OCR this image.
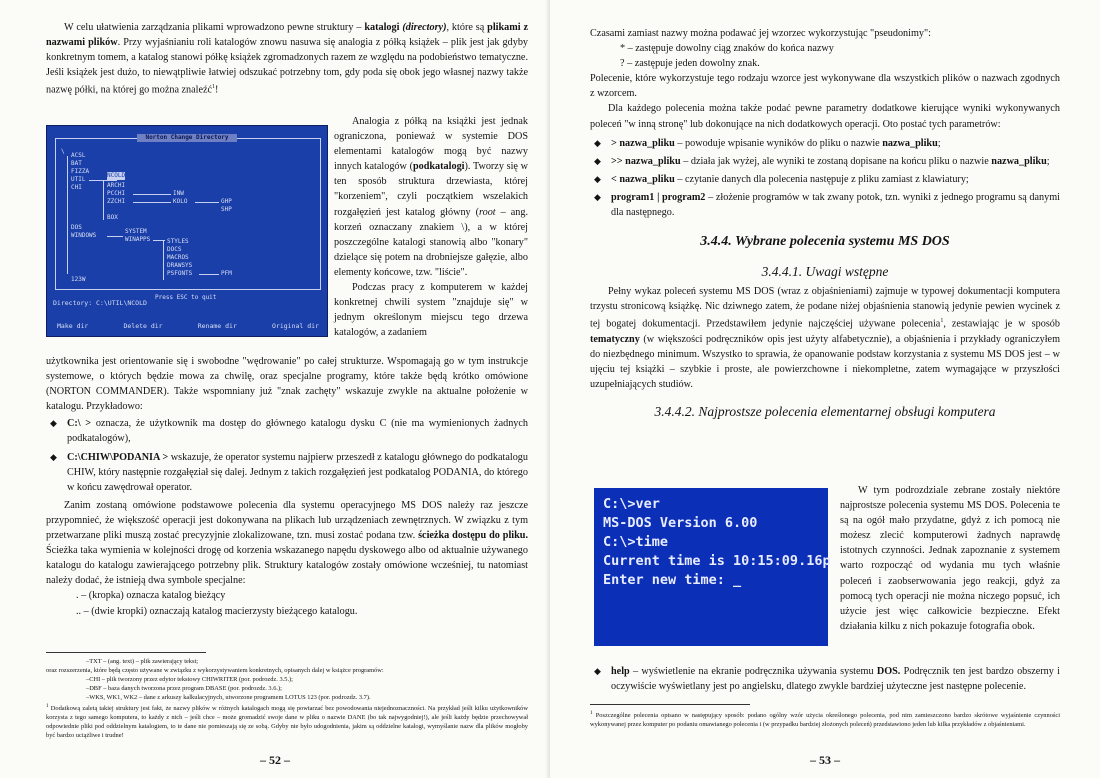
W celu ułatwienia zarządzania plikami wprowadzono pewne struktury – katalogi (directory), które są plikami z nazwami plików. Przy wyjaśnianiu roli katalogów znowu nasuwa się analogia z półką książek – plik jest jak gdyby konkretnym tomem, a katalog stanowi półkę książek zgromadzonych razem ze względu na podobieństwo tematyczne. Jeśli książek jest dużo, to niewątpliwie łatwiej odszukać potrzebny tom, gdy poda się obok jego własnej nazwy także nazwę półki, na której go można znaleźć$^1$!

Norton Change Directory
\
ACSL
BAT
FIZZA
UTIL
CHI
NCOLD
ARCHI
PCCHI
ZZCHI
BOX
INW
KOLO	GHP
SHP
DOS
WINDOWS
SYSTEM
WINAPPS	STYLES
DOCS
MACROS
DRAWSYS
PSFONTS	PFM
123W
Press ESC to quit
Directory: C:\UTIL\NCOLD
Make dir	Delete dir	Rename dir	Original dir

Analogia z półką na książki jest jednak ograniczona, ponieważ w systemie DOS elementami katalogów mogą być nazwy innych katalogów (podkatalogi). Tworzy się w ten sposób struktura drzewiasta, której "korzeniem", czyli początkiem wszelakich rozgałęzień jest katalog główny (root – ang. korzeń oznaczany znakiem \), a w której poszczególne katalogi stanowią albo "konary" dzielące się potem na drobniejsze gałęzie, albo elementy końcowe, tzw. "liście".

Podczas pracy z komputerem w każdej konkretnej chwili system "znajduje się" w jednym określonym miejscu tego drzewa katalogów, a zadaniem

użytkownika jest orientowanie się i swobodne "wędrowanie" po całej strukturze. Wspomagają go w tym instrukcje systemowe, o których będzie mowa za chwilę, oraz specjalne programy, które także będą krótko omówione (NORTON COMMANDER). Także wspomniany już "znak zachęty" wskazuje zwykle na aktualne położenie w katalogu. Przykładowo:

◆ C:\ > oznacza, że użytkownik ma dostęp do głównego katalogu dysku C (nie ma wymienionych żadnych podkatalogów),
◆ C:\CHIW\PODANIA > wskazuje, że operator systemu najpierw przeszedł z katalogu głównego do podkatalogu CHIW, który następnie rozgałęział się dalej. Jednym z takich rozgałęzień jest podkatalog PODANIA, do którego w końcu zawędrował operator.

Zanim zostaną omówione podstawowe polecenia dla systemu operacyjnego MS DOS należy raz jeszcze przypomnieć, że większość operacji jest dokonywana na plikach lub urządzeniach zewnętrznych. W związku z tym przetwarzane pliki muszą zostać precyzyjnie zlokalizowane, tzn. musi zostać podana tzw. ścieżka dostępu do pliku. Ścieżka taka wymienia w kolejności drogę od korzenia wskazanego napędu dyskowego albo od aktualnie używanego katalogu do katalogu zawierającego potrzebny plik. Struktury katalogów zostały omówione wcześniej, tu natomiast należy dodać, że istnieją dwa symbole specjalne:

. – (kropka) oznacza katalog bieżący

.. – (dwie kropki) oznaczają katalog macierzysty bieżącego katalogu.

–TXT – (ang. text) – plik zawierający tekst;

oraz rozszerzenia, które będą często używane w związku z wykorzystywaniem konkretnych, opisanych dalej w książce programów:

–CHI – plik tworzony przez edytor tekstowy CHIWRITER (por. podrozdz. 3.5.);

–DBF – baza danych tworzona przez program DBASE (por. podrozdz. 3.6.);

–WKS, WK1, WK2 – dane z arkuszy kalkulacyjnych, utworzone programem LOTUS 123 (por. podrozdz. 3.7).

$^1$ Dodatkową zaletą takiej struktury jest fakt, że nazwy plików w różnych katalogach mogą się powtarzać bez powodowania niejednoznaczności. Na przykład jeśli kilku użytkowników korzysta z tego samego komputera, to każdy z nich – jeśli chce – może gromadzić swoje dane w pliku o nazwie DANE (bo tak najwygodniej!), ale jeśli każdy będzie przechowywał odpowiednie pliki pod oddzielnym katalogiem, to te dane nie pomieszają się ze sobą. Gdyby nie było udogodnienia, jakim są oddzielne katalogi, wymyślanie nazw dla plików mogłoby być bardzo uciążliwe i trudne!

– 52 –

Czasami zamiast nazwy można podawać jej wzorzec wykorzystując "pseudonimy":

* – zastępuje dowolny ciąg znaków do końca nazwy

? – zastępuje jeden dowolny znak.

Polecenie, które wykorzystuje tego rodzaju wzorce jest wykonywane dla wszystkich plików o nazwach zgodnych z wzorcem.

Dla każdego polecenia można także podać pewne parametry dodatkowe kierujące wyniki wykonywanych poleceń "w inną stronę" lub dokonujące na nich dodatkowych operacji. Oto postać tych parametrów:

◆ > nazwa_pliku – powoduje wpisanie wyników do pliku o nazwie nazwa_pliku;
◆ >> nazwa_pliku – działa jak wyżej, ale wyniki te zostaną dopisane na końcu pliku o nazwie nazwa_pliku;
◆ < nazwa_pliku – czytanie danych dla polecenia następuje z pliku zamiast z klawiatury;
◆ program1 | program2 – złożenie programów w tak zwany potok, tzn. wyniki z jednego programu są danymi dla następnego.
3.4.4. Wybrane polecenia systemu MS DOS
3.4.4.1. Uwagi wstępne

Pełny wykaz poleceń systemu MS DOS (wraz z objaśnieniami) zajmuje w typowej dokumentacji komputera trzystu stronicową książkę. Nic dziwnego zatem, że podane niżej objaśnienia stanowią jedynie pewien wycinek z tej bogatej dokumentacji. Przedstawiłem jedynie najczęściej używane polecenia$^1$, zestawiając je w sposób tematyczny (w większości podręczników opis jest użyty alfabetycznie), a objaśnienia i przykłady ograniczyłem do niezbędnego minimum. Wszystko to sprawia, że opanowanie podstaw korzystania z systemu MS DOS jest – w ujęciu tej książki – szybkie i proste, ale powierzchowne i niekompletne, zatem wymagające w przyszłości uzupełniających studiów.

3.4.4.2. Najprostsze polecenia elementarnej obsługi komputera
C:\>ver
MS-DOS Version 6.00
C:\>time
Current time is 10:15:09.16p
Enter new time: _

W tym podrozdziale zebrane zostały niektóre najprostsze polecenia systemu MS DOS. Polecenia te są na ogół mało przydatne, gdyż z ich pomocą nie możesz zlecić komputerowi żadnych naprawdę istotnych czynności. Jednak zapoznanie z systemem warto rozpocząć od wydania mu tych właśnie poleceń i zaobserwowania jego reakcji, gdyż za pomocą tych operacji nie można niczego popsuć, ich użycie jest więc całkowicie bezpieczne. Efekt działania kilku z nich pokazuje fotografia obok.

◆ help – wyświetlenie na ekranie podręcznika używania systemu DOS. Podręcznik ten jest bardzo obszerny i oczywiście wyświetlany jest po angielsku, dlatego zwykle bardziej użyteczne jest następne polecenie.

$^1$ Poszczególne polecenia opisano w następujący sposób: podano ogólny wzór użycia określonego polecenia, pod nim zamieszczono bardzo skrótowe wyjaśnienie czynności wykonywanej przez komputer po podaniu omawianego polecenia i (w przypadku bardziej złożonych poleceń) przedstawiono jeden lub kilka przykładów z objaśnieniami.

– 53 –
